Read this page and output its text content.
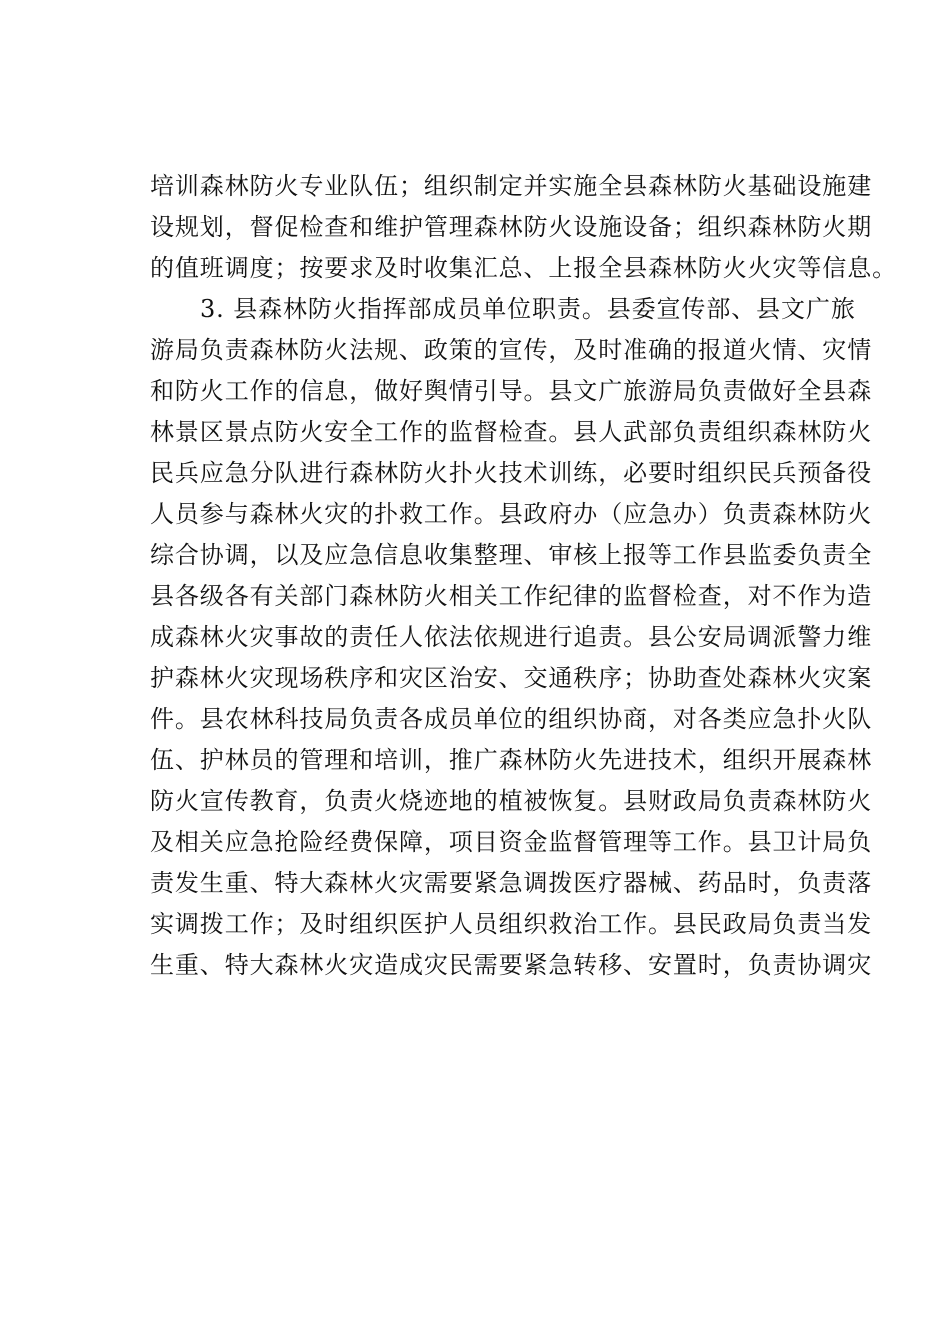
培训森林防火专业队伍；组织制定并实施全县森林防火基础设施建
设规划，督促检查和维护管理森林防火设施设备；组织森林防火期
的值班调度；按要求及时收集汇总、上报全县森林防火火灾等信息。
3. 县森林防火指挥部成员单位职责。县委宣传部、县文广旅
游局负责森林防火法规、政策的宣传，及时准确的报道火情、灾情
和防火工作的信息，做好舆情引导。县文广旅游局负责做好全县森
林景区景点防火安全工作的监督检查。县人武部负责组织森林防火
民兵应急分队进行森林防火扑火技术训练，必要时组织民兵预备役
人员参与森林火灾的扑救工作。县政府办（应急办）负责森林防火
综合协调，以及应急信息收集整理、审核上报等工作县监委负责全
县各级各有关部门森林防火相关工作纪律的监督检查，对不作为造
成森林火灾事故的责任人依法依规进行追责。县公安局调派警力维
护森林火灾现场秩序和灾区治安、交通秩序；协助查处森林火灾案
件。县农林科技局负责各成员单位的组织协商，对各类应急扑火队
伍、护林员的管理和培训，推广森林防火先进技术，组织开展森林
防火宣传教育，负责火烧迹地的植被恢复。县财政局负责森林防火
及相关应急抢险经费保障，项目资金监督管理等工作。县卫计局负
责发生重、特大森林火灾需要紧急调拨医疗器械、药品时，负责落
实调拨工作；及时组织医护人员组织救治工作。县民政局负责当发
生重、特大森林火灾造成灾民需要紧急转移、安置时，负责协调灾
